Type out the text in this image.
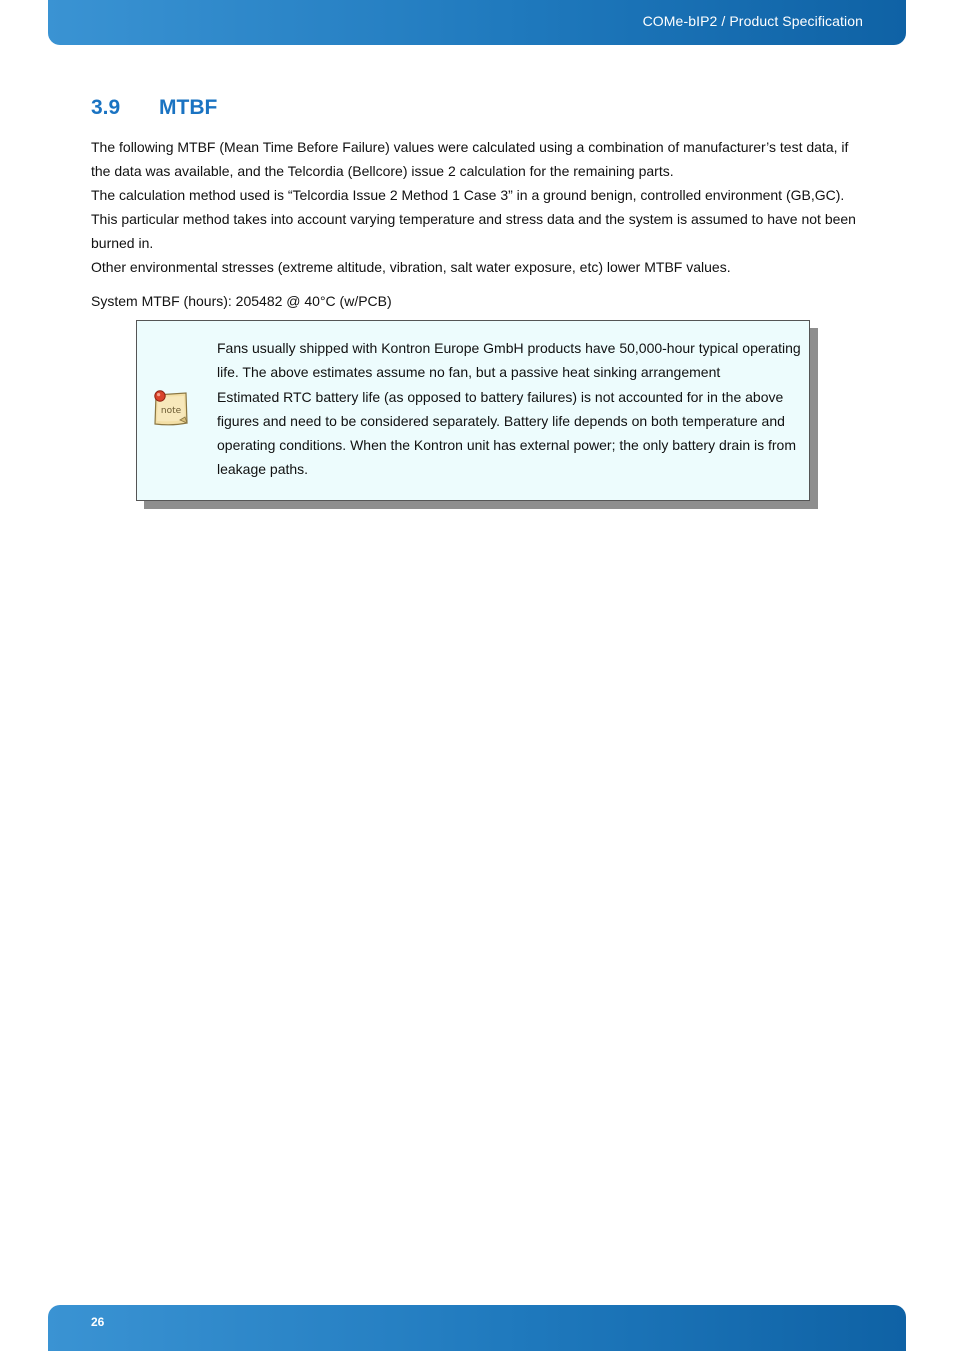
COMe-bIP2 / Product Specification
3.9 MTBF

The following MTBF (Mean Time Before Failure) values were calculated using a combination of manufacturer’s test data, if the data was available, and the Telcordia (Bellcore) issue 2 calculation for the remaining parts.

The calculation method used is “Telcordia Issue 2 Method 1 Case 3” in a ground benign, controlled environment (GB,GC). This particular method takes into account varying temperature and stress data and the system is assumed to have not been burned in.

Other environmental stresses (extreme altitude, vibration, salt water exposure, etc) lower MTBF values.

System MTBF (hours): 205482 @ 40°C (w/PCB)

note

Fans usually shipped with Kontron Europe GmbH products have 50,000-hour typical operating life. The above estimates assume no fan, but a passive heat sinking arrangement

Estimated RTC battery life (as opposed to battery failures) is not accounted for in the above figures and need to be considered separately. Battery life depends on both temperature and operating conditions. When the Kontron unit has external power; the only battery drain is from leakage paths.

26
